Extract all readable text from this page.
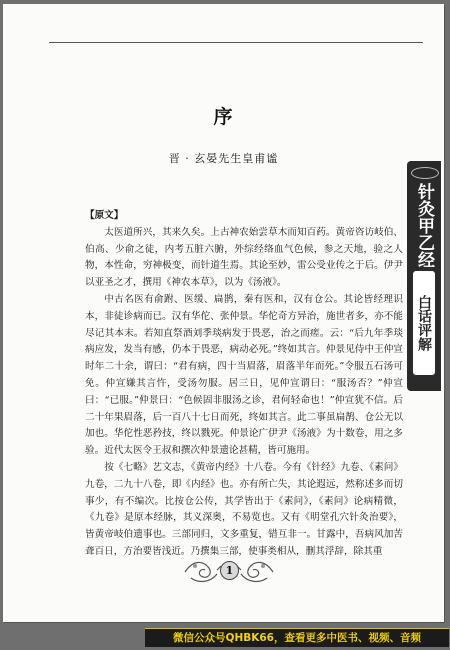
序
晋 · 玄晏先生皇甫谧

【原文】

太医道所兴，其来久矣。上古神农始尝草木而知百药。黄帝咨访岐伯、伯高、少俞之徒，内考五脏六腑，外综经络血气色候，参之天地，验之人物，本性命，穷神极变，而针道生焉。其论至妙，雷公受业传之于后。伊尹以亚圣之才，撰用《神农本草》，以为《汤液》。

中古名医有俞跗、医缓、扁鹊，秦有医和，汉有仓公。其论皆经理识本，非徒诊病而已。汉有华佗、张仲景。华佗奇方异治，施世者多，亦不能尽记其本末。若知直祭酒刘季琰病发于畏恶，治之而瘥。云：“后九年季琰病应发，发当有感，仍本于畏恶，病动必死。”终如其言。仲景见侍中王仲宣时年二十余，谓曰：“君有病，四十当眉落，眉落半年而死。”令服五石汤可免。仲宣嫌其言忤，受汤勿服。居三日，见仲宣谓曰：“服汤否？”仲宣曰：“已服。”仲景曰：“色候固非服汤之诊，君何轻命也！”仲宣犹不信。后二十年果眉落，后一百八十七日而死，终如其言。此二事虽扁鹊、仓公无以加也。华佗性恶矜技，终以戮死。仲景论广伊尹《汤液》为十数卷，用之多验。近代太医令王叔和撰次仲景遗论甚精，皆可施用。

按《七略》艺文志，《黄帝内经》十八卷。今有《针经》九卷、《素问》九卷，二九十八卷，即《内经》也。亦有所亡失，其论遐远，然称述多而切事少，有不编次。比按仓公传，其学皆出于《素问》，《素问》论病精微，《九卷》是原本经脉，其义深奥，不易览也。又有《明堂孔穴针灸治要》，皆黄帝岐伯遗事也。三部同归，文多重复，错互非一。甘露中，吾病风加苦聋百日，方治要皆浅近。乃撰集三部，使事类相从，删其浮辞，除其重

针灸甲乙经
白话评解
1
微信公众号QHBK66，查看更多中医书、视频、音频
